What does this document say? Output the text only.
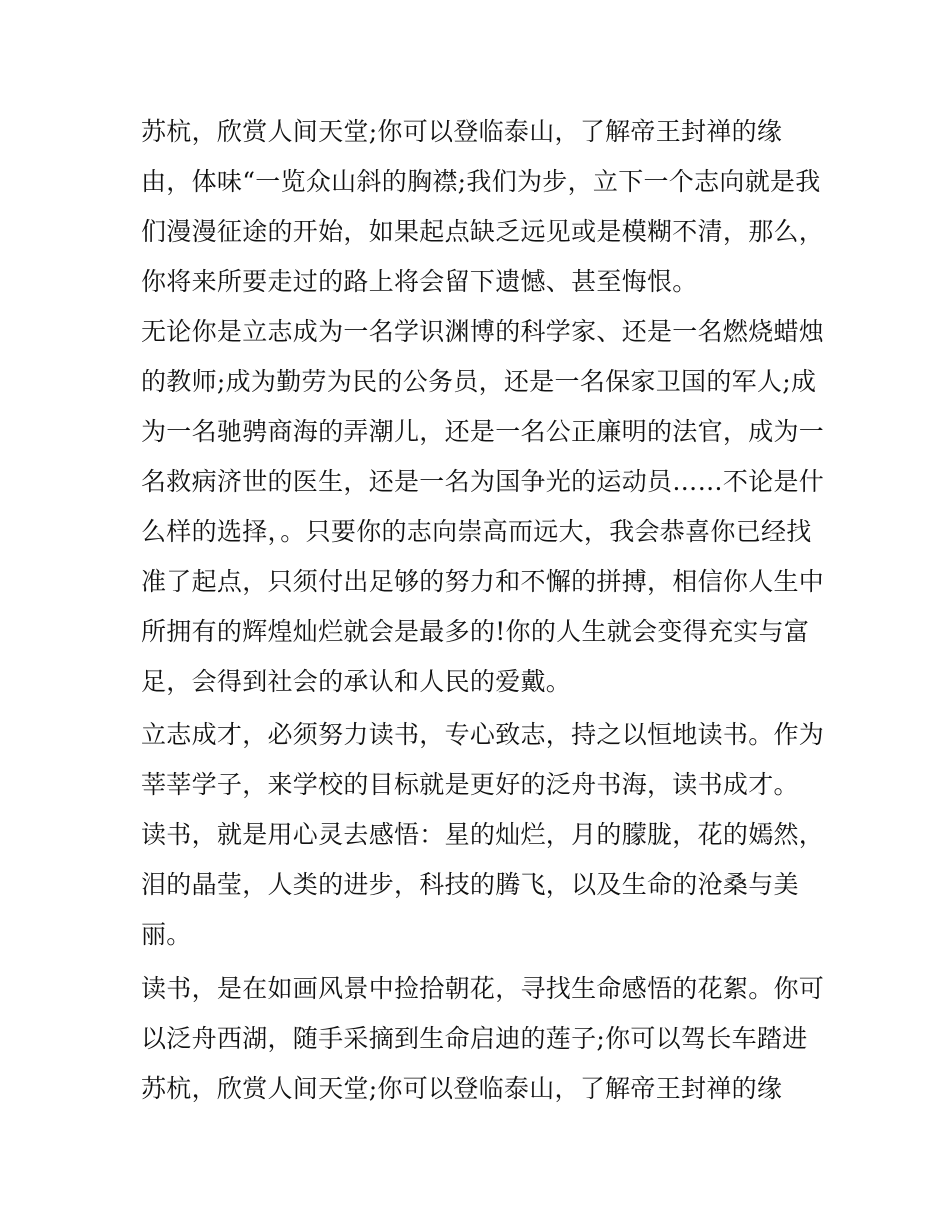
苏杭，欣赏人间天堂;你可以登临泰山，了解帝王封禅的缘
由，体味“一览众山斜的胸襟;我们为步，立下一个志向就是我
们漫漫征途的开始，如果起点缺乏远见或是模糊不清，那么，
你将来所要走过的路上将会留下遗憾、甚至悔恨。
无论你是立志成为一名学识渊博的科学家、还是一名燃烧蜡烛
的教师;成为勤劳为民的公务员，还是一名保家卫国的军人;成
为一名驰骋商海的弄潮儿，还是一名公正廉明的法官，成为一
名救病济世的医生，还是一名为国争光的运动员……不论是什
么样的选择，。只要你的志向崇高而远大，我会恭喜你已经找
准了起点，只须付出足够的努力和不懈的拼搏，相信你人生中
所拥有的辉煌灿烂就会是最多的!你的人生就会变得充实与富
足，会得到社会的承认和人民的爱戴。
立志成才，必须努力读书，专心致志，持之以恒地读书。作为
莘莘学子，来学校的目标就是更好的泛舟书海，读书成才。
读书，就是用心灵去感悟：星的灿烂，月的朦胧，花的嫣然，
泪的晶莹，人类的进步，科技的腾飞，以及生命的沧桑与美
丽。
读书，是在如画风景中捡拾朝花，寻找生命感悟的花絮。你可
以泛舟西湖，随手采摘到生命启迪的莲子;你可以驾长车踏进
苏杭，欣赏人间天堂;你可以登临泰山，了解帝王封禅的缘
